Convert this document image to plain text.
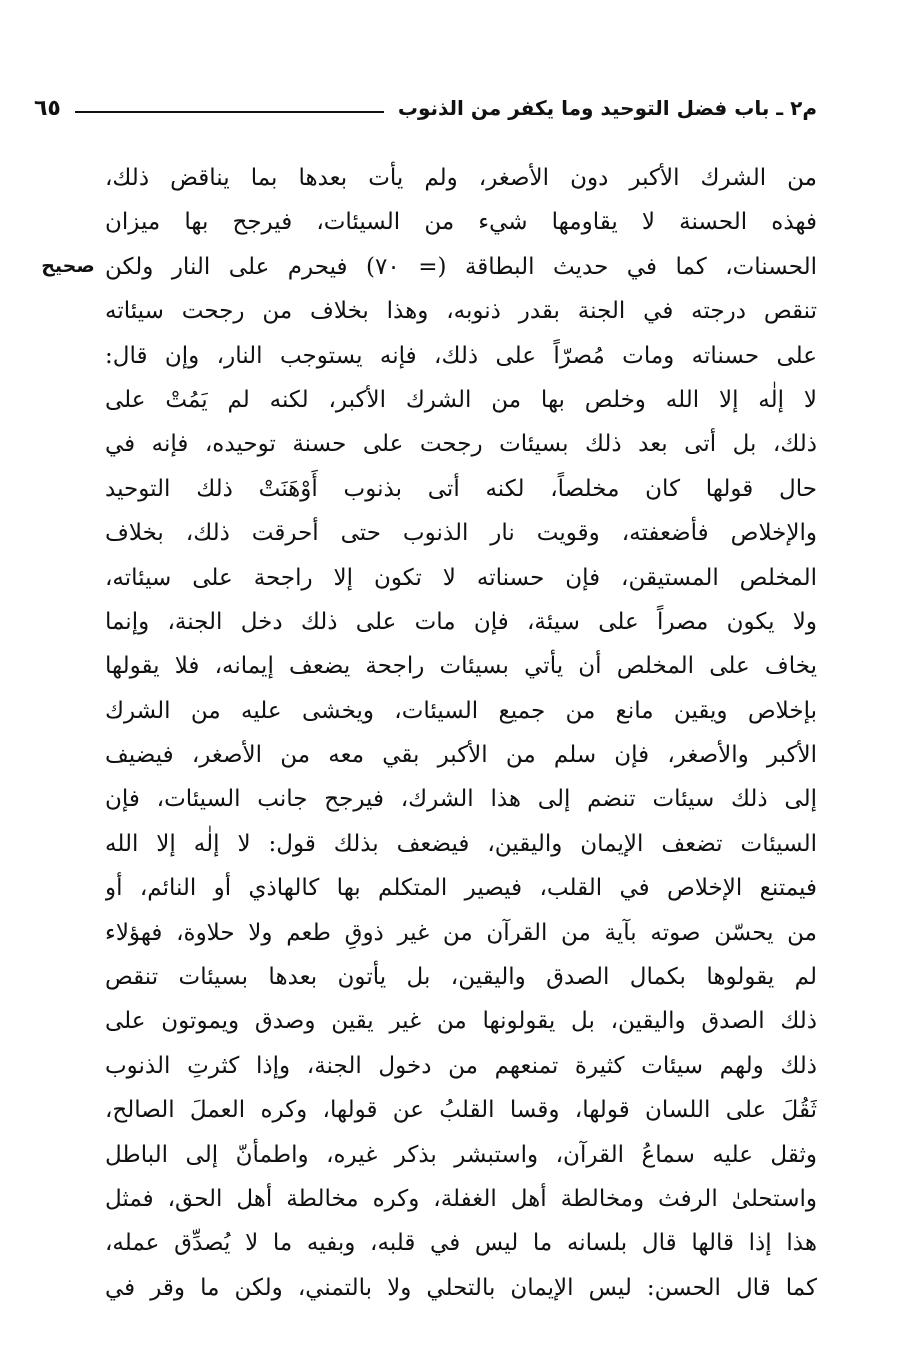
م٢ ـ باب فضل التوحيد وما يكفر من الذنوب
٦٥
صحيح
من الشرك الأكبر دون الأصغر، ولم يأت بعدها بما يناقض ذلك،
فهذه الحسنة لا يقاومها شيء من السيئات، فيرجح بها ميزان
الحسنات، كما في حديث البطاقة (= ٧٠) فيحرم على النار ولكن
تنقص درجته في الجنة بقدر ذنوبه، وهذا بخلاف من رجحت سيئاته
على حسناته ومات مُصرّاً على ذلك، فإنه يستوجب النار، وإن قال:
لا إلٰه إلا الله وخلص بها من الشرك الأكبر، لكنه لم يَمُتْ على
ذلك، بل أتى بعد ذلك بسيئات رجحت على حسنة توحيده، فإنه في
حال قولها كان مخلصاً، لكنه أتى بذنوب أَوْهَنَتْ ذلك التوحيد
والإخلاص فأضعفته، وقويت نار الذنوب حتى أحرقت ذلك، بخلاف
المخلص المستيقن، فإن حسناته لا تكون إلا راجحة على سيئاته،
ولا يكون مصراً على سيئة، فإن مات على ذلك دخل الجنة، وإنما
يخاف على المخلص أن يأتي بسيئات راجحة يضعف إيمانه، فلا يقولها
بإخلاص ويقين مانع من جميع السيئات، ويخشى عليه من الشرك
الأكبر والأصغر، فإن سلم من الأكبر بقي معه من الأصغر، فيضيف
إلى ذلك سيئات تنضم إلى هذا الشرك، فيرجح جانب السيئات، فإن
السيئات تضعف الإيمان واليقين، فيضعف بذلك قول: لا إلٰه إلا الله
فيمتنع الإخلاص في القلب، فيصير المتكلم بها كالهاذي أو النائم، أو
من يحسّن صوته بآية من القرآن من غير ذوقِ طعم ولا حلاوة، فهؤلاء
لم يقولوها بكمال الصدق واليقين، بل يأتون بعدها بسيئات تنقص
ذلك الصدق واليقين، بل يقولونها من غير يقين وصدق ويموتون على
ذلك ولهم سيئات كثيرة تمنعهم من دخول الجنة، وإذا كثرتِ الذنوب
ثَقُلَ على اللسان قولها، وقسا القلبُ عن قولها، وكره العملَ الصالح،
وثقل عليه سماعُ القرآن، واستبشر بذكر غيره، واطمأنّ إلى الباطل
واستحلىٰ الرفث ومخالطة أهل الغفلة، وكره مخالطة أهل الحق، فمثل
هذا إذا قالها قال بلسانه ما ليس في قلبه، وبفيه ما لا يُصدِّق عمله،
كما قال الحسن: ليس الإيمان بالتحلي ولا بالتمني، ولكن ما وقر في
